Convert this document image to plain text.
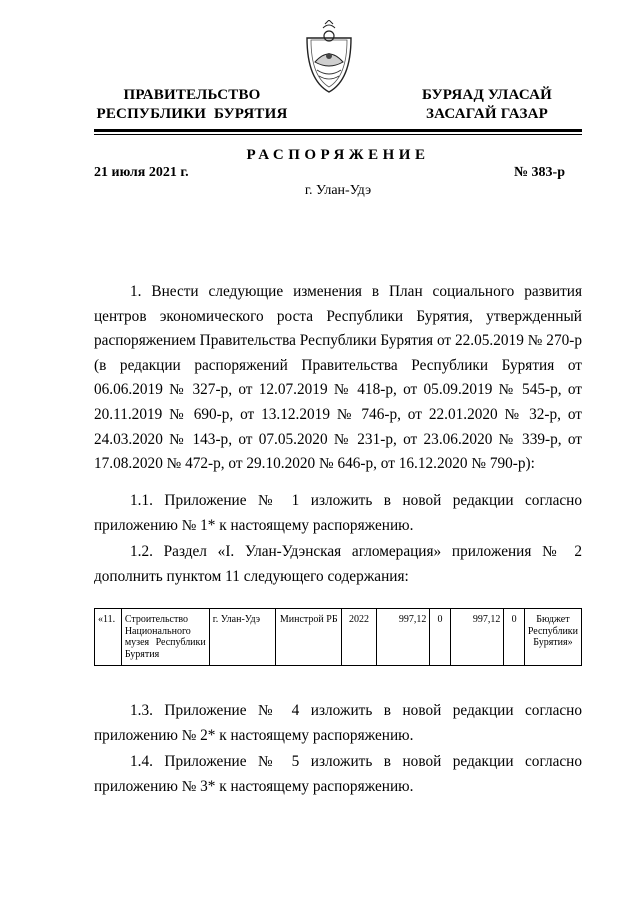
ПРАВИТЕЛЬСТВО
РЕСПУБЛИКИ  БУРЯТИЯ
БУРЯАД УЛАСАЙ
ЗАСАГАЙ ГАЗАР
РАСПОРЯЖЕНИЕ
21 июля 2021 г.	№ 383-р
г. Улан-Удэ
1. Внести следующие изменения в План социального развития центров экономического роста Республики Бурятия, утвержденный распоряжением Правительства Республики Бурятия от 22.05.2019 № 270-р (в редакции распоряжений Правительства Республики Бурятия от 06.06.2019 № 327-р, от 12.07.2019 № 418-р, от 05.09.2019 № 545-р, от 20.11.2019 № 690-р, от 13.12.2019 № 746-р, от 22.01.2020 № 32-р, от 24.03.2020 № 143-р, от 07.05.2020 № 231-р, от 23.06.2020 № 339-р, от 17.08.2020 № 472-р, от 29.10.2020 № 646-р, от 16.12.2020 № 790-р):
1.1. Приложение № 1 изложить в новой редакции согласно приложению № 1* к настоящему распоряжению.
1.2. Раздел «I. Улан-Удэнская агломерация» приложения № 2 дополнить пунктом 11 следующего содержания:
«11.	Строительство Национального музея Республики Бурятия	г. Улан-Удэ	Минстрой РБ	2022	997,12	0	997,12	0	Бюджет Республики Бурятия»
1.3. Приложение № 4 изложить в новой редакции согласно приложению № 2* к настоящему распоряжению.
1.4. Приложение № 5 изложить в новой редакции согласно приложению № 3* к настоящему распоряжению.
